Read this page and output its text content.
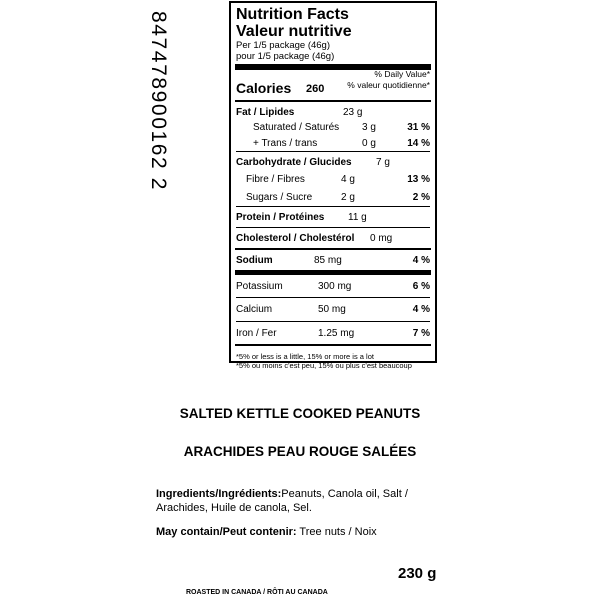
847478900162 2	Nutrition Facts
Valeur nutritive
Per 1/5 package (46g)
pour 1/5 package (46g)
Calories 260
% Daily Value*
% valeur quotidienne*
Fat / Lipides	23 g
Saturated / Saturés 3 g	31 %
+ Trans / trans	0 g	14 %
Carbohydrate / Glucides 7 g
Fibre / Fibres	4 g	13 %
Sugars / Sucre	2 g	2 %
Protein / Protéines 11 g
Cholesterol / Cholestérol 0 mg
Sodium	85 mg	4 %
Potassium	300 mg	6 %
Calcium	50 mg	4 %
Iron / Fer	1.25 mg	7 %
*5% or less is a little, 15% or more is a lot
*5% ou moins c'est peu, 15% ou plus c'est beaucoup
SALTED KETTLE COOKED PEANUTS
ARACHIDES PEAU ROUGE SALÉES
Ingredients/Ingrédients:Peanuts, Canola oil, Salt / Arachides, Huile de canola, Sel.
May contain/Peut contenir: Tree nuts / Noix
230 g
ROASTED IN CANADA / RÔTI AU CANADA
